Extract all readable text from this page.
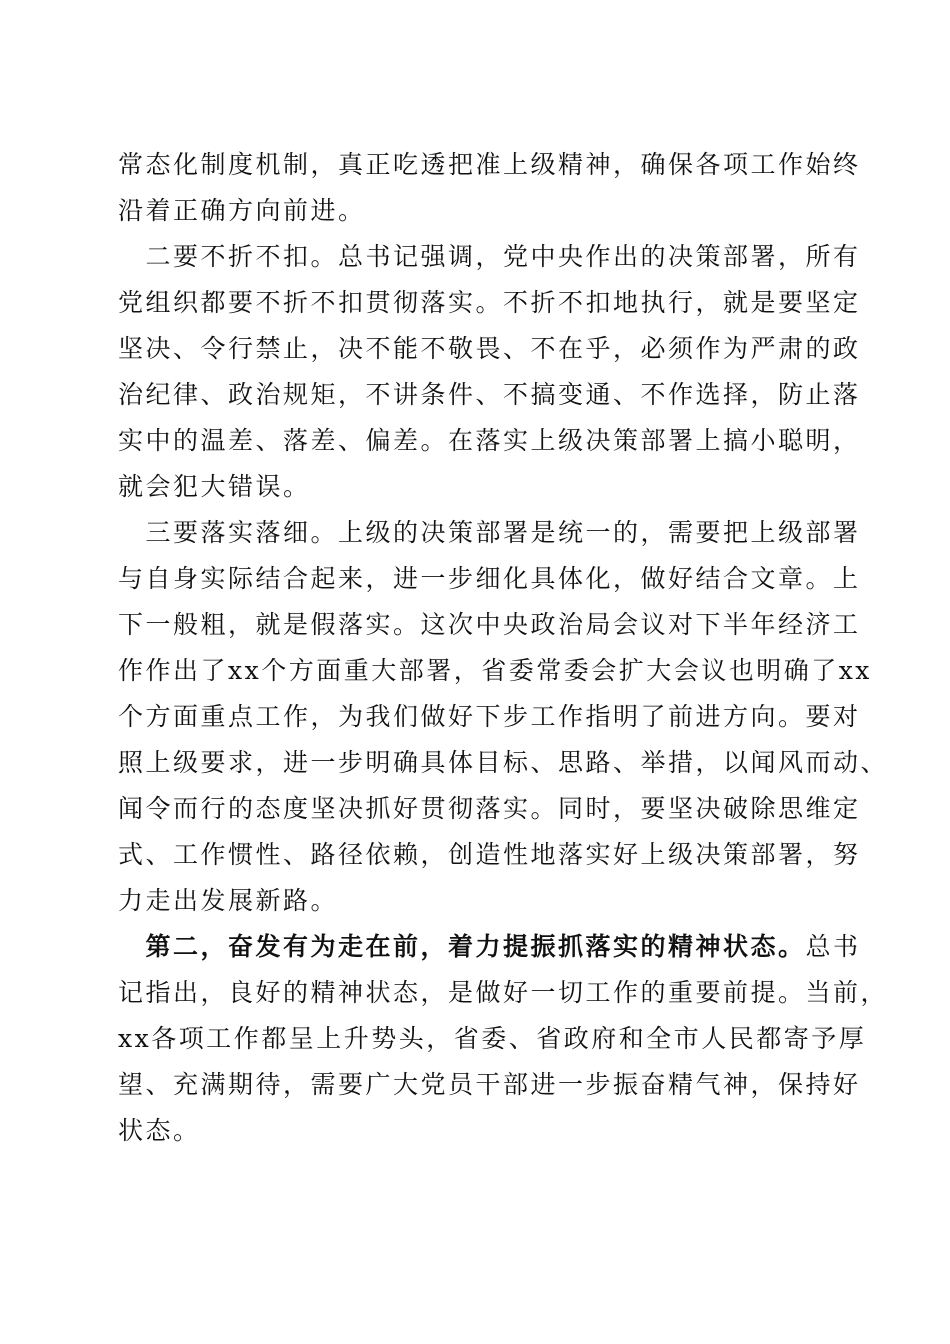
常态化制度机制，真正吃透把准上级精神，确保各项工作始终
沿着正确方向前进。
　二要不折不扣。总书记强调，党中央作出的决策部署，所有
党组织都要不折不扣贯彻落实。不折不扣地执行，就是要坚定
坚决、令行禁止，决不能不敬畏、不在乎，必须作为严肃的政
治纪律、政治规矩，不讲条件、不搞变通、不作选择，防止落
实中的温差、落差、偏差。在落实上级决策部署上搞小聪明，
就会犯大错误。
　三要落实落细。上级的决策部署是统一的，需要把上级部署
与自身实际结合起来，进一步细化具体化，做好结合文章。上
下一般粗，就是假落实。这次中央政治局会议对下半年经济工
作作出了xx个方面重大部署，省委常委会扩大会议也明确了xx
个方面重点工作，为我们做好下步工作指明了前进方向。要对
照上级要求，进一步明确具体目标、思路、举措，以闻风而动、
闻令而行的态度坚决抓好贯彻落实。同时，要坚决破除思维定
式、工作惯性、路径依赖，创造性地落实好上级决策部署，努
力走出发展新路。
　第二，奋发有为走在前，着力提振抓落实的精神状态。总书
记指出，良好的精神状态，是做好一切工作的重要前提。当前，
xx各项工作都呈上升势头，省委、省政府和全市人民都寄予厚
望、充满期待，需要广大党员干部进一步振奋精气神，保持好
状态。
